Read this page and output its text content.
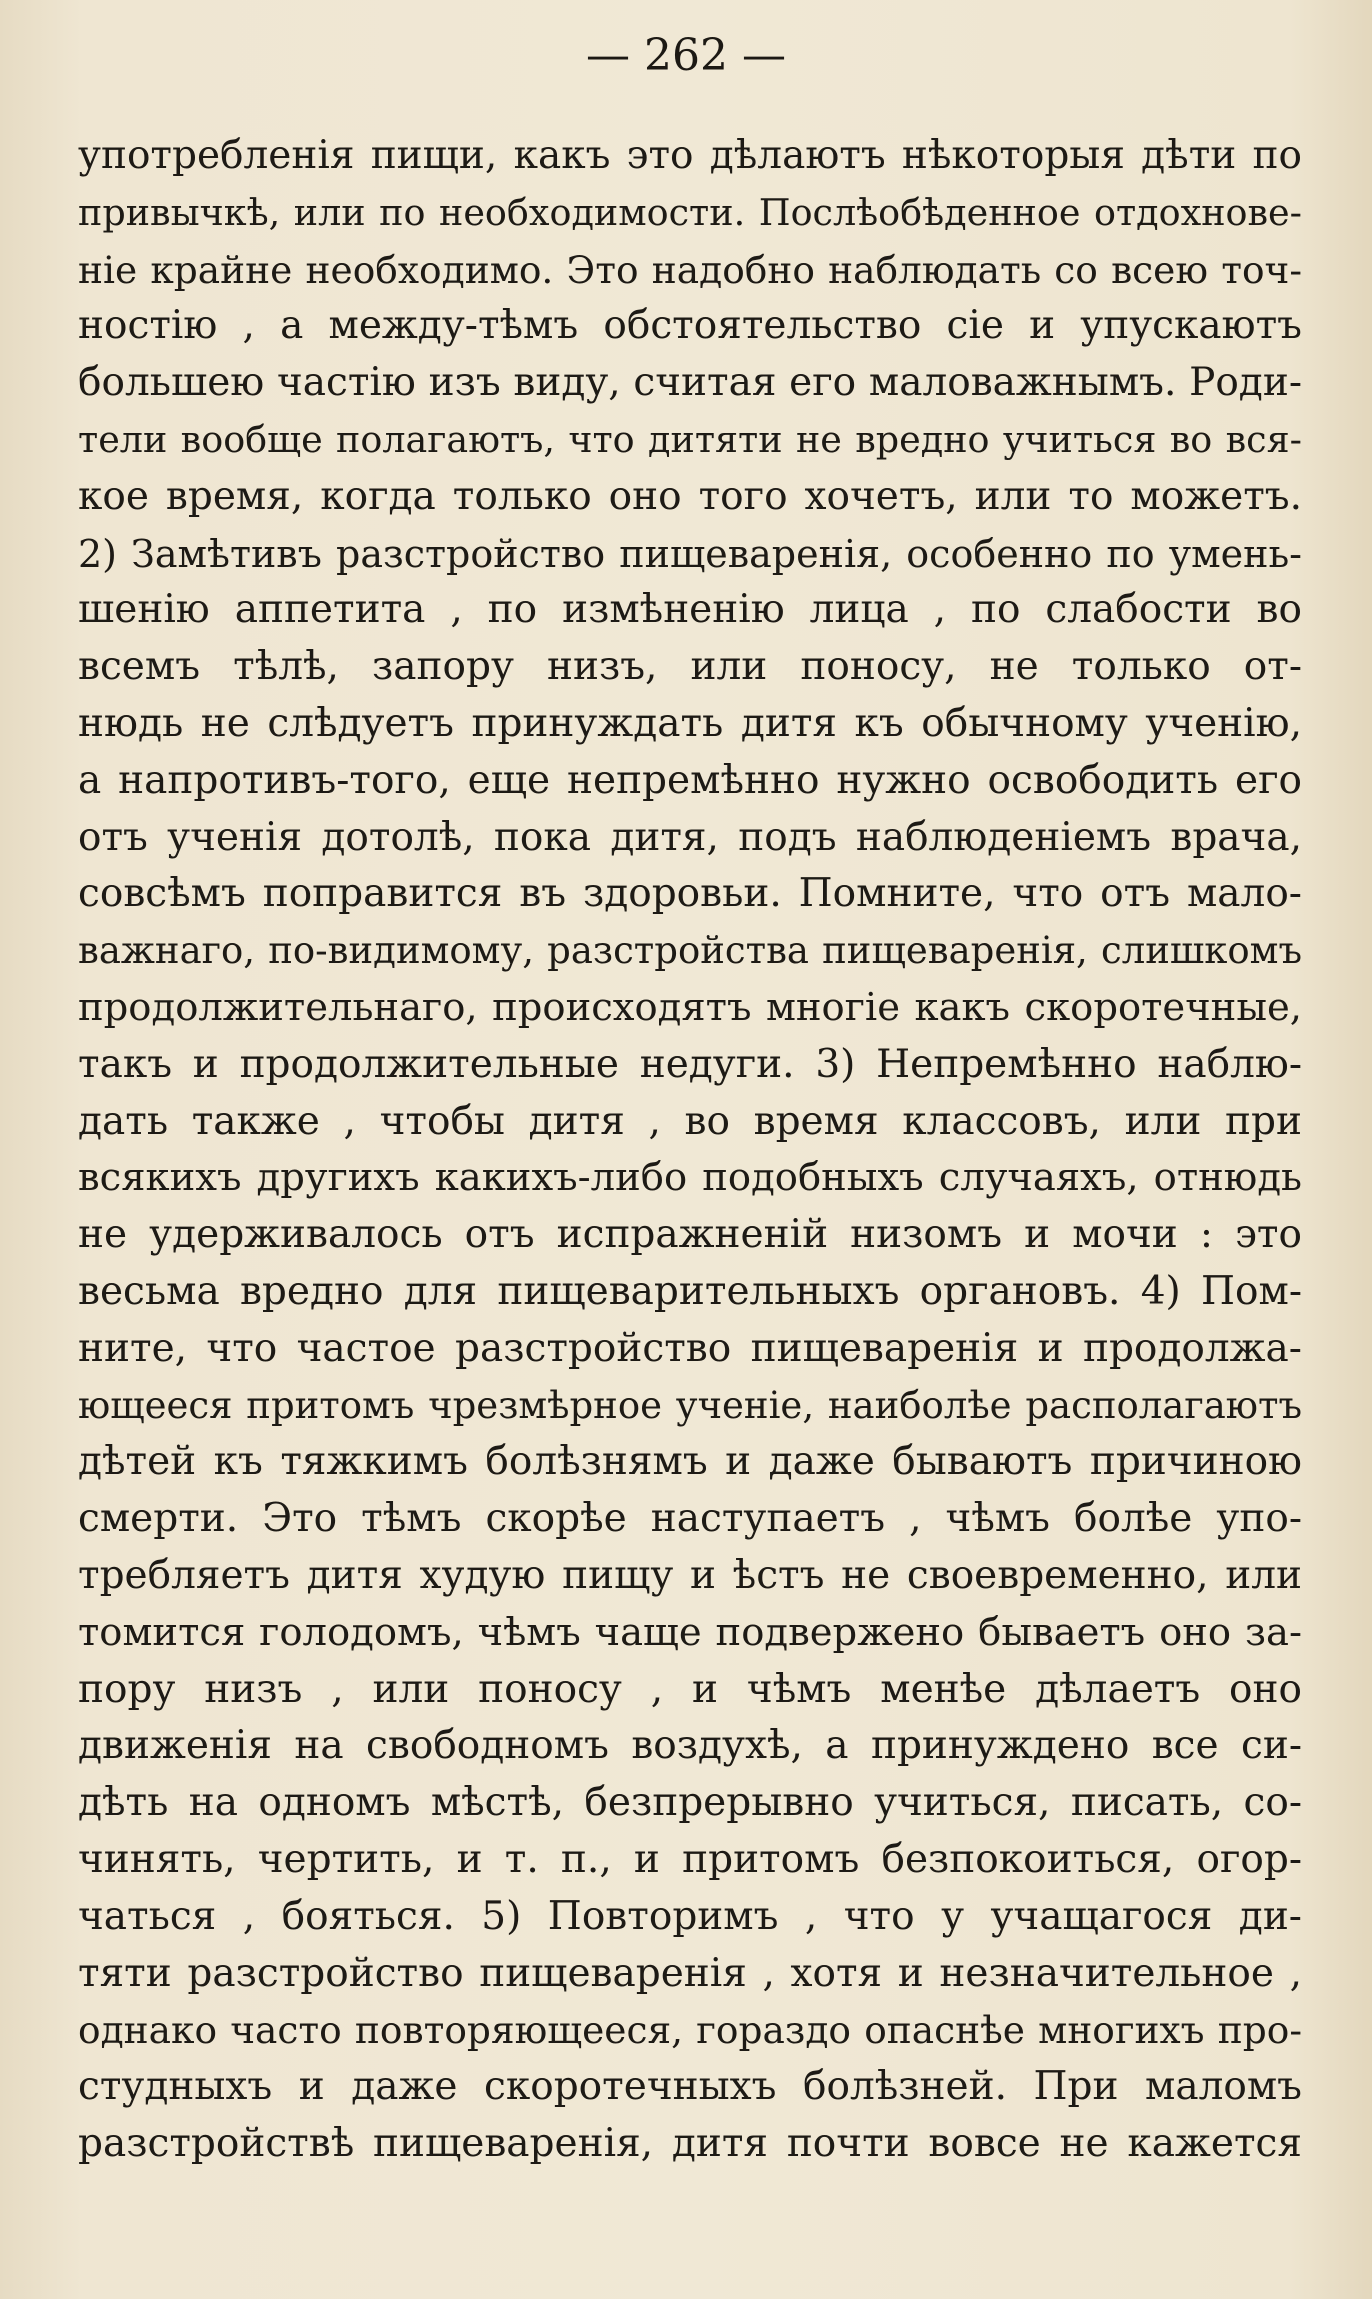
— 262 —
употребленія пищи, какъ это дѣлаютъ нѣкоторыя дѣти по
привычкѣ, или по необходимости. Послѣобѣденное отдохнове-
ніе крайне необходимо. Это надобно наблюдать со всею точ-
ностію , а между-тѣмъ обстоятельство сіе и упускаютъ
большею частію изъ виду, считая его маловажнымъ. Роди-
тели вообще полагаютъ, что дитяти не вредно учиться во вся-
кое время, когда только оно того хочетъ, или то можетъ.
2) Замѣтивъ разстройство пищеваренія, особенно по умень-
шенію аппетита , по измѣненію лица , по слабости во
всемъ тѣлѣ, запору низъ, или поносу, не только от-
нюдь не слѣдуетъ принуждать дитя къ обычному ученію,
а напротивъ-того, еще непремѣнно нужно освободить его
отъ ученія дотолѣ, пока дитя, подъ наблюденіемъ врача,
совсѣмъ поправится въ здоровьи. Помните, что отъ мало-
важнаго, по-видимому, разстройства пищеваренія, слишкомъ
продолжительнаго, происходятъ многіе какъ скоротечные,
такъ и продолжительные недуги. 3) Непремѣнно наблю-
дать также , чтобы дитя , во время классовъ, или при
всякихъ другихъ какихъ-либо подобныхъ случаяхъ, отнюдь
не удерживалось отъ испражненій низомъ и мочи : это
весьма вредно для пищеварительныхъ органовъ. 4) Пом-
ните, что частое разстройство пищеваренія и продолжа-
ющееся притомъ чрезмѣрное ученіе, наиболѣе располагаютъ
дѣтей къ тяжкимъ болѣзнямъ и даже бываютъ причиною
смерти. Это тѣмъ скорѣе наступаетъ , чѣмъ болѣе упо-
требляетъ дитя худую пищу и ѣстъ не своевременно, или
томится голодомъ, чѣмъ чаще подвержено бываетъ оно за-
пору низъ , или поносу , и чѣмъ менѣе дѣлаетъ оно
движенія на свободномъ воздухѣ, а принуждено все си-
дѣть на одномъ мѣстѣ, безпрерывно учиться, писать, со-
чинять, чертить, и т. п., и притомъ безпокоиться, огор-
чаться , бояться. 5) Повторимъ , что у учащагося ди-
тяти разстройство пищеваренія , хотя и незначительное ,
однако часто повторяющееся, гораздо опаснѣе многихъ про-
студныхъ и даже скоротечныхъ болѣзней. При маломъ
разстройствѣ пищеваренія, дитя почти вовсе не кажется
